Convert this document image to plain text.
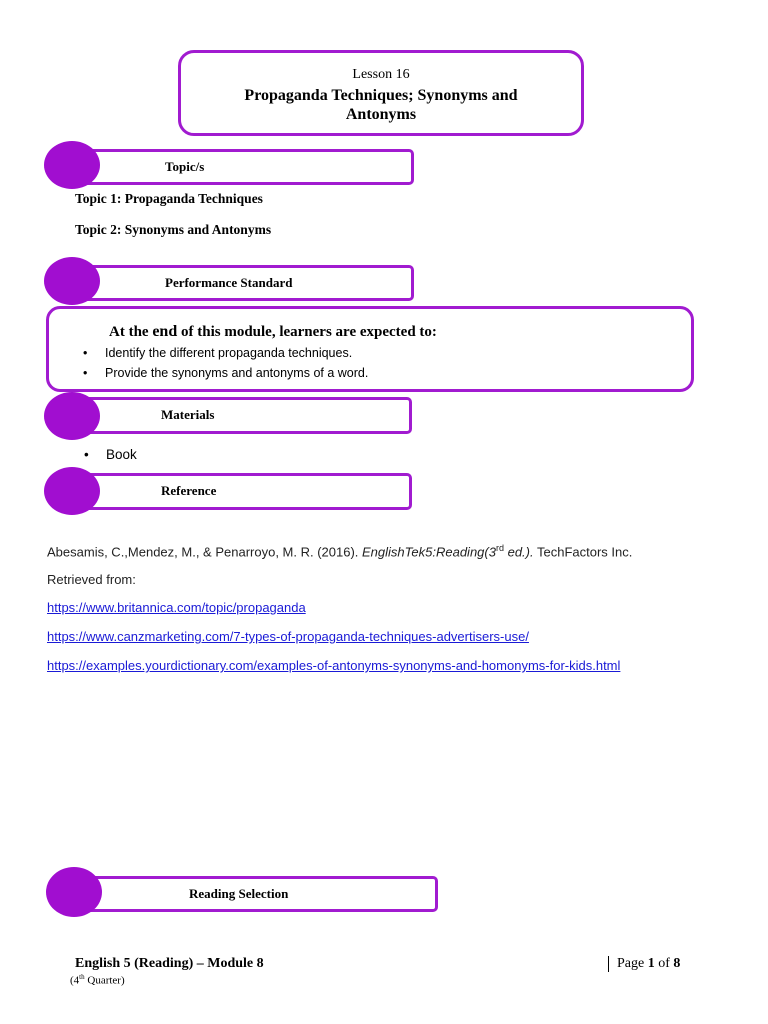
Lesson 16
Propaganda Techniques; Synonyms and Antonyms
Topic/s
Topic 1: Propaganda Techniques
Topic 2: Synonyms and Antonyms
Performance Standard
At the end of this module, learners are expected to:
• Identify the different propaganda techniques.
• Provide the synonyms and antonyms of a word.
Materials
• Book
Reference
Abesamis, C.,Mendez, M., & Penarroyo, M. R. (2016). EnglishTek5:Reading(3rd ed.). TechFactors Inc.
Retrieved from:
https://www.britannica.com/topic/propaganda
https://www.canzmarketing.com/7-types-of-propaganda-techniques-advertisers-use/
https://examples.yourdictionary.com/examples-of-antonyms-synonyms-and-homonyms-for-kids.html
Reading Selection
English 5 (Reading) – Module 8
(4th Quarter)
Page 1 of 8
